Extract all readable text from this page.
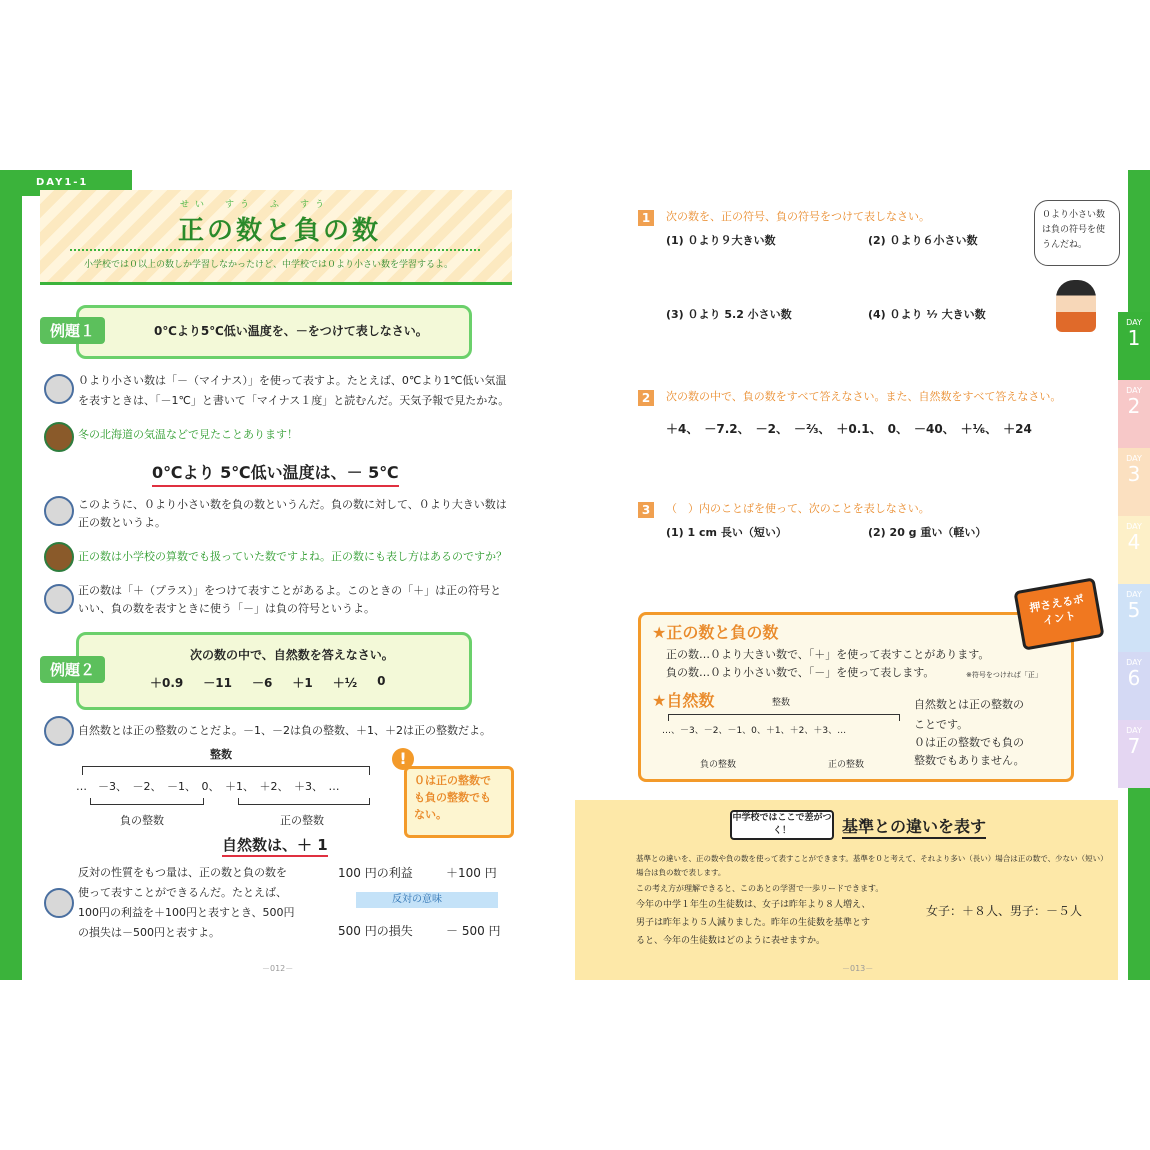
DAY1-1
せい　すう　ふ　すう
正の数と負の数
小学校では０以上の数しか学習しなかったけど、中学校では０より小さい数を学習するよ。
例題１	0℃より5℃低い温度を、－をつけて表しなさい。
０より小さい数は「－（マイナス）」を使って表すよ。たとえば、0℃より1℃低い気温
を表すときは、「－1℃」と書いて「マイナス１度」と読むんだ。天気予報で見たかな。
冬の北海道の気温などで見たことあります！
0℃より 5℃低い温度は、－ 5℃
このように、０より小さい数を負の数というんだ。負の数に対して、０より大きい数は
正の数というよ。
正の数は小学校の算数でも扱っていた数ですよね。正の数にも表し方はあるのですか？
正の数は「＋（プラス）」をつけて表すことがあるよ。このときの「＋」は正の符号と
いい、負の数を表すときに使う「－」は負の符号というよ。
例題２
次の数の中で、自然数を答えなさい。
＋0.9 －11 －6 ＋1 ＋½ 0
自然数とは正の整数のことだよ。－1、－2は負の整数、＋1、＋2は正の整数だよ。
整数
…　－3、　－2、　－1、　0、　＋1、　＋2、　＋3、　…
負の整数	正の整数
!
０は正の整数でも負の整数でもない。
自然数は、＋ 1
反対の性質をもつ量は、正の数と負の数を
使って表すことができるんだ。たとえば、
100円の利益を＋100円と表すとき、500円
の損失は－500円と表すよ。
100 円の利益	＋100 円
反対の意味
500 円の損失	－ 500 円
－012－
1	次の数を、正の符号、負の符号をつけて表しなさい。
(1) ０より９大きい数	(2) ０より６小さい数
(3) ０より 5.2 小さい数	(4) ０より ¹⁄₇ 大きい数
０より小さい数は負の符号を使うんだね。
2	次の数の中で、負の数をすべて答えなさい。また、自然数をすべて答えなさい。
＋4、　－7.2、　－2、　－⅔、　＋0.1、　0、　－40、　＋⅙、　＋24
3	（　）内のことばを使って、次のことを表しなさい。
(1) 1 cm 長い（短い）	(2) 20 g 重い（軽い）
押さえるポイント
★正の数と負の数
正の数…０より大きい数で、「＋」を使って表すことがあります。
負の数…０より小さい数で、「－」を使って表します。	※符号をつければ「正」
★自然数	整数
…、－3、－2、－1、0、＋1、＋2、＋3、…
負の整数	正の整数
自然数とは正の整数の
ことです。
０は正の整数でも負の
整数でもありません。
中学校ではここで差がつく！	基準との違いを表す
基準との違いを、正の数や負の数を使って表すことができます。基準を０と考えて、それより多い（長い）場合は正の数で、少ない（短い）場合は負の数で表します。
この考え方が理解できると、このあとの学習で一歩リードできます。
今年の中学１年生の生徒数は、女子は昨年より８人増え、
男子は昨年より５人減りました。昨年の生徒数を基準とす
ると、今年の生徒数はどのように表せますか。
女子：＋８人、男子：－５人
－013－
DAY
1
DAY
2
DAY
3
DAY
4
DAY
5
DAY
6
DAY
7
